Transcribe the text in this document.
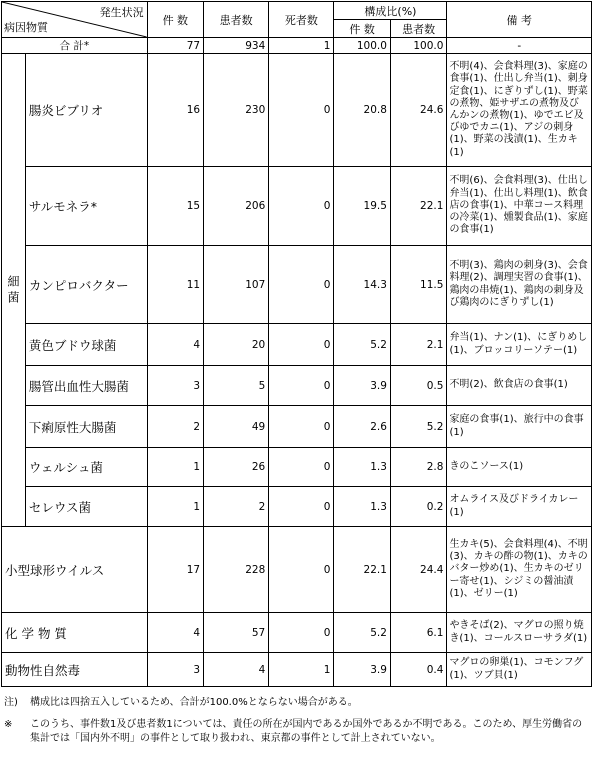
発生状況
病因物質		件 数	患者数	死者数	構成比(%)		備 考
					件 数	患者数	
合 計*		77	934	1	100.0	100.0	-
細 菌	腸炎ビブリオ	16	230	0	20.8	24.6	不明(4)、会食料理(3)、家庭の食事(1)、仕出し弁当(1)、刺身定食(1)、にぎりずし(1)、野菜の煮物、姫サザエの煮物及びんかンの煮物(1)、ゆでエビ及びゆでカニ(1)、アジの刺身(1)、野菜の浅漬(1)、生カキ(1)
	サルモネラ*	15	206	0	19.5	22.1	不明(6)、会食料理(3)、仕出し弁当(1)、仕出し料理(1)、飲食店の食事(1)、中華コース料理の冷菜(1)、燻製食品(1)、家庭の食事(1)
	カンピロバクター	11	107	0	14.3	11.5	不明(3)、鶏肉の刺身(3)、会食料理(2)、調理実習の食事(1)、鶏肉の串焼(1)、鶏肉の刺身及び鶏肉のにぎりずし(1)
	黄色ブドウ球菌	4	20	0	5.2	2.1	弁当(1)、ナン(1)、にぎりめし(1)、ブロッコリーソテー(1)
	腸管出血性大腸菌	3	5	0	3.9	0.5	不明(2)、飲食店の食事(1)
	下痢原性大腸菌	2	49	0	2.6	5.2	家庭の食事(1)、旅行中の食事(1)
	ウェルシュ菌	1	26	0	1.3	2.8	きのこソース(1)
	セレウス菌	1	2	0	1.3	0.2	オムライス及びドライカレー(1)
小型球形ウイルス		17	228	0	22.1	24.4	生カキ(5)、会食料理(4)、不明(3)、カキの酢の物(1)、カキのバター炒め(1)、生カキのゼリー寄せ(1)、シジミの醤油漬(1)、ゼリー(1)
化 学 物 質		4	57	0	5.2	6.1	やきそば(2)、マグロの照り焼き(1)、コールスローサラダ(1)
動物性自然毒		3	4	1	3.9	0.4	マグロの卵巣(1)、コモンフグ(1)、ツブ貝(1)
注) 構成比は四捨五入しているため、合計が100.0%とならない場合がある。
※	このうち、事件数1及び患者数1については、責任の所在が国内であるか国外であるか不明である。このため、厚生労働省の集計では「国内外不明」の事件として取り扱われ、東京都の事件として計上されていない。
